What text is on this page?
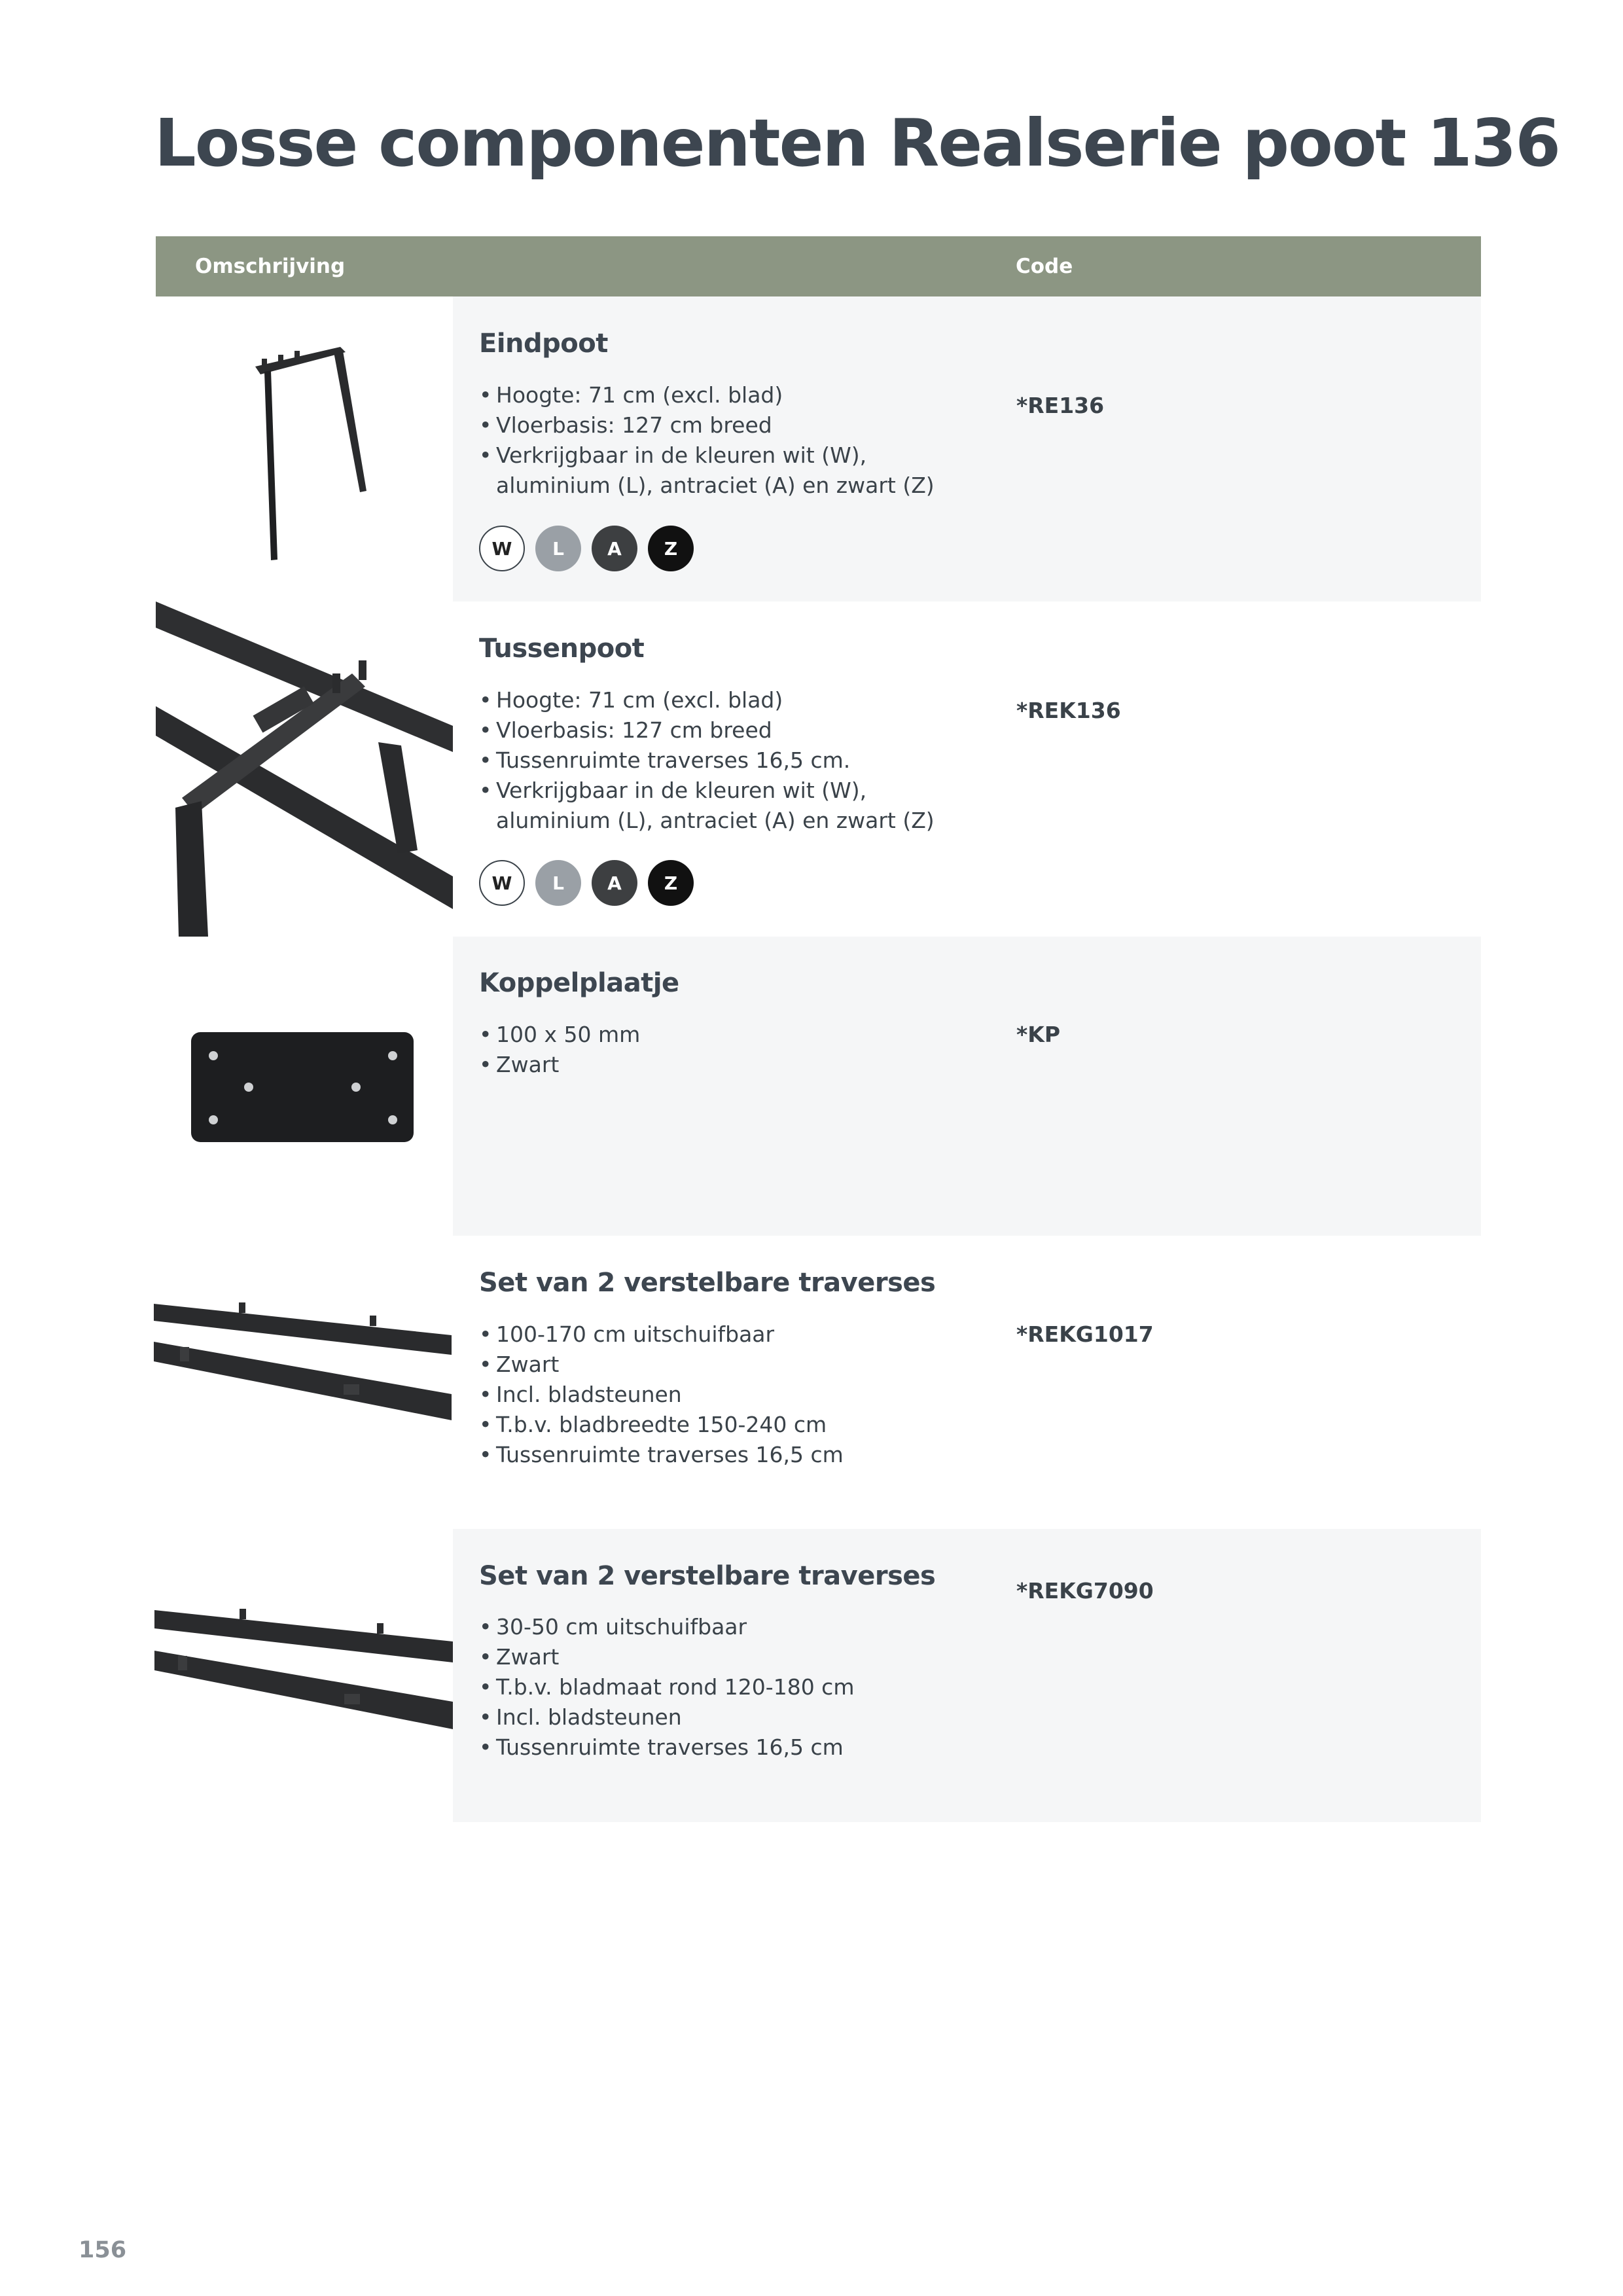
Losse componenten Realserie poot 136
Omschrijving	Code
Eindpoot
• Hoogte: 71 cm (excl. blad)
• Vloerbasis: 127 cm breed
• Verkrijgbaar in de kleuren wit (W), aluminium (L), antraciet (A) en zwart (Z)
*RE136
W	L	A	Z
Tussenpoot
• Hoogte: 71 cm (excl. blad)
• Vloerbasis: 127 cm breed
• Tussenruimte traverses 16,5 cm.
• Verkrijgbaar in de kleuren wit (W), aluminium (L), antraciet (A) en zwart (Z)
*REK136
W	L	A	Z
Koppelplaatje
• 100 x 50 mm
• Zwart
*KP
Set van 2 verstelbare traverses
• 100-170 cm uitschuifbaar
• Zwart
• Incl. bladsteunen
• T.b.v. bladbreedte 150-240 cm
• Tussenruimte traverses 16,5 cm
*REKG1017
Set van 2 verstelbare traverses
• 30-50 cm uitschuifbaar
• Zwart
• T.b.v. bladmaat rond 120-180 cm
• Incl. bladsteunen
• Tussenruimte traverses 16,5 cm
*REKG7090
156
